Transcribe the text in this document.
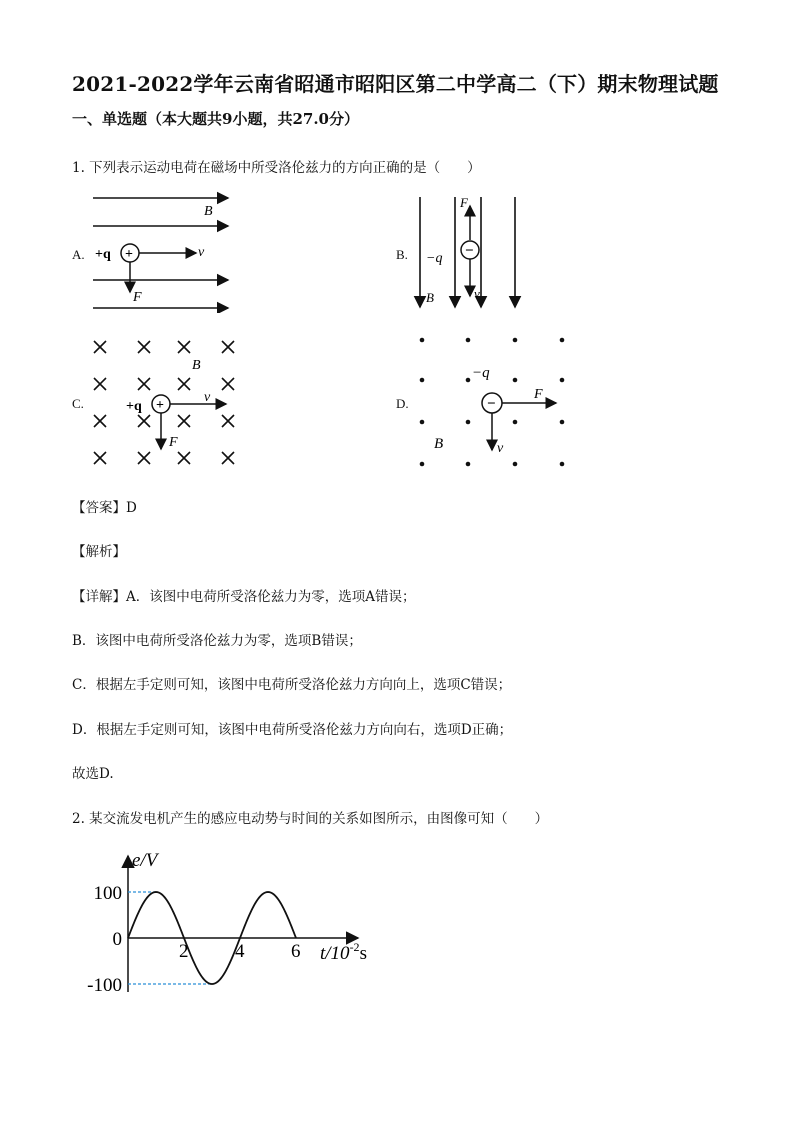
2021-2022学年云南省昭通市昭阳区第二中学高二（下）期末物理试题
一、单选题（本大题共9小题，共27.0分）
1. 下列表示运动电荷在磁场中所受洛伦兹力的方向正确的是（　　）
A.	B.
C.	D.
B
+q +	v
F	B
−q
F
−
v
B
+q +
v
F
−q
−
F
v
B
【答案】D
【解析】
【详解】A．该图中电荷所受洛伦兹力为零，选项A错误；
B．该图中电荷所受洛伦兹力为零，选项B错误；
C．根据左手定则可知，该图中电荷所受洛伦兹力方向向上，选项C错误；
D．根据左手定则可知，该图中电荷所受洛伦兹力方向向右，选项D正确；
故选D.
2. 某交流发电机产生的感应电动势与时间的关系如图所示，由图像可知（　　）
e/V
$t/10^{-2}s$
2 4 6
100
0
-100
